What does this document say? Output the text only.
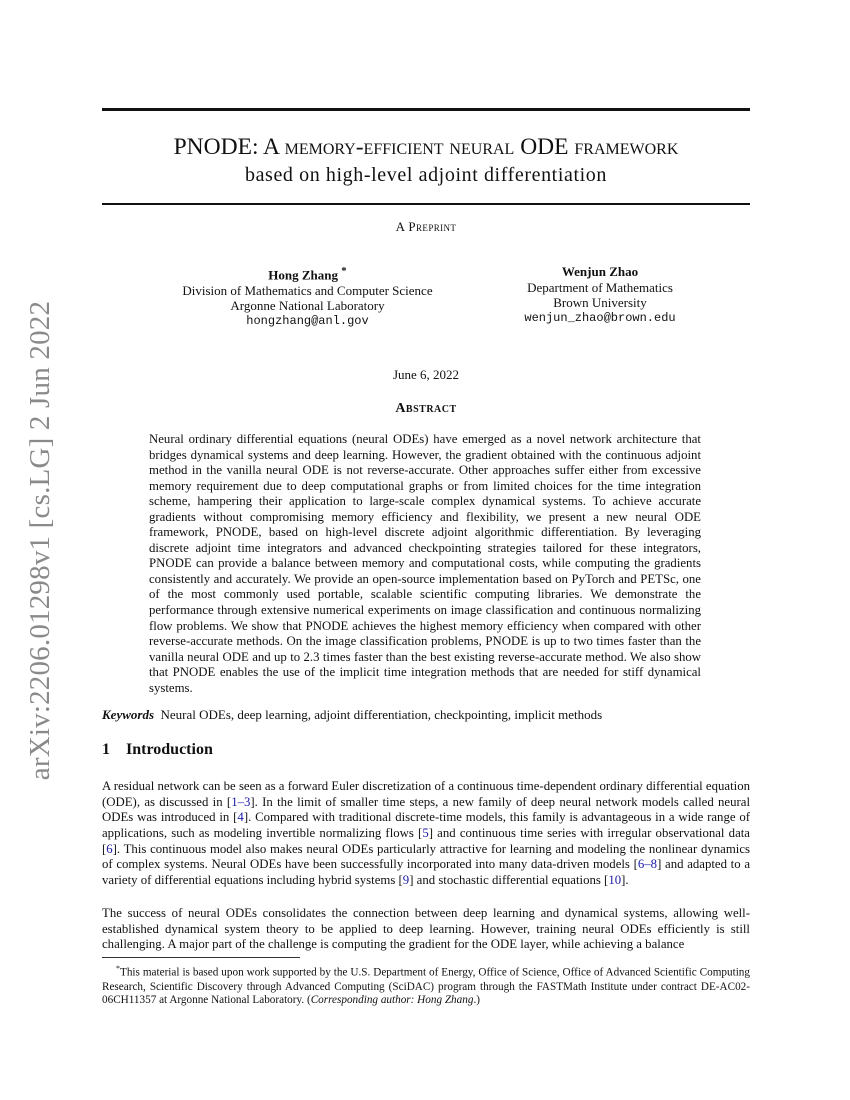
arXiv:2206.01298v1 [cs.LG] 2 Jun 2022
PNODE: A memory-efficient neural ODE framework
based on high-level adjoint differentiation
A Preprint
Hong Zhang *
Division of Mathematics and Computer Science
Argonne National Laboratory
hongzhang@anl.gov
Wenjun Zhao
Department of Mathematics
Brown University
wenjun_zhao@brown.edu
June 6, 2022
Abstract

Neural ordinary differential equations (neural ODEs) have emerged as a novel network architecture that bridges dynamical systems and deep learning. However, the gradient obtained with the continuous adjoint method in the vanilla neural ODE is not reverse-accurate. Other approaches suffer either from excessive memory requirement due to deep computational graphs or from limited choices for the time integration scheme, hampering their application to large-scale complex dynamical systems. To achieve accurate gradients without compromising memory efficiency and flexibility, we present a new neural ODE framework, PNODE, based on high-level discrete adjoint algorithmic differentiation. By leveraging discrete adjoint time integrators and advanced checkpointing strategies tailored for these integrators, PNODE can provide a balance between memory and computational costs, while computing the gradients consistently and accurately. We provide an open-source implementation based on PyTorch and PETSc, one of the most commonly used portable, scalable scientific computing libraries. We demonstrate the performance through extensive numerical experiments on image classification and continuous normalizing flow problems. We show that PNODE achieves the highest memory efficiency when compared with other reverse-accurate methods. On the image classification problems, PNODE is up to two times faster than the vanilla neural ODE and up to 2.3 times faster than the best existing reverse-accurate method. We also show that PNODE enables the use of the implicit time integration methods that are needed for stiff dynamical systems.

Keywords Neural ODEs, deep learning, adjoint differentiation, checkpointing, implicit methods
1 Introduction

A residual network can be seen as a forward Euler discretization of a continuous time-dependent ordinary differential equation (ODE), as discussed in [1–3]. In the limit of smaller time steps, a new family of deep neural network models called neural ODEs was introduced in [4]. Compared with traditional discrete-time models, this family is advantageous in a wide range of applications, such as modeling invertible normalizing flows [5] and continuous time series with irregular observational data [6]. This continuous model also makes neural ODEs particularly attractive for learning and modeling the nonlinear dynamics of complex systems. Neural ODEs have been successfully incorporated into many data-driven models [6–8] and adapted to a variety of differential equations including hybrid systems [9] and stochastic differential equations [10].

The success of neural ODEs consolidates the connection between deep learning and dynamical systems, allowing well-established dynamical system theory to be applied to deep learning. However, training neural ODEs efficiently is still challenging. A major part of the challenge is computing the gradient for the ODE layer, while achieving a balance

*This material is based upon work supported by the U.S. Department of Energy, Office of Science, Office of Advanced Scientific Computing Research, Scientific Discovery through Advanced Computing (SciDAC) program through the FASTMath Institute under contract DE-AC02-06CH11357 at Argonne National Laboratory. (Corresponding author: Hong Zhang.)
